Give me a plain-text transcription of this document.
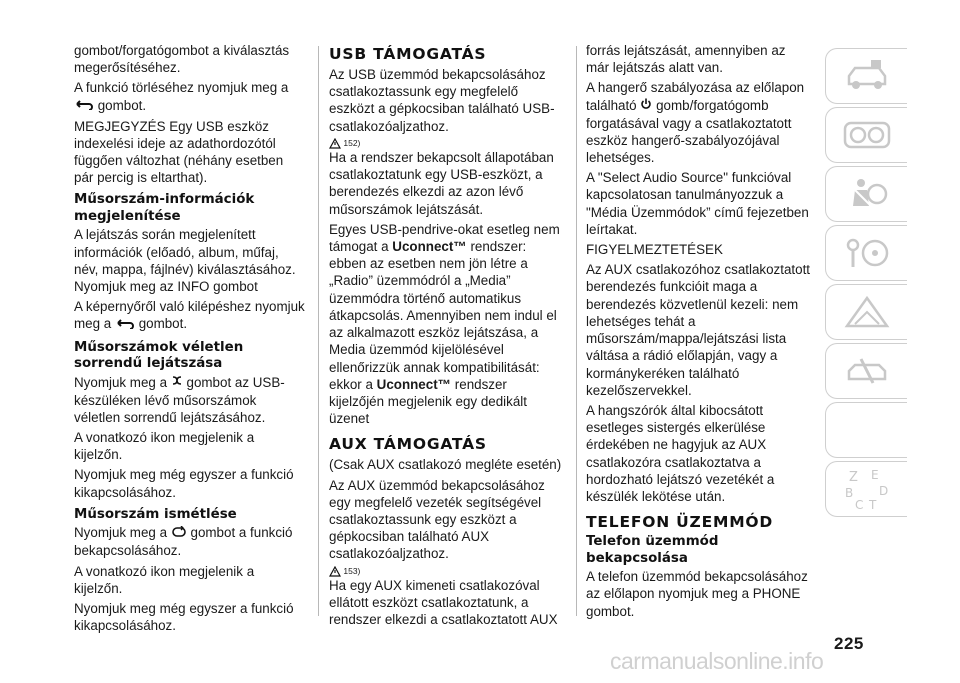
gombot/forgatógombot a kiválasztás megerősítéséhez.

A funkció törléséhez nyomjuk meg a
gombot.

MEGJEGYZÉS Egy USB eszköz indexelési ideje az adathordozótól függően változhat (néhány esetben pár percig is eltarthat).

Műsorszám-információk megjelenítése

A lejátszás során megjelenített információk (előadó, album, műfaj, név, mappa, fájlnév) kiválasztásához. Nyomjuk meg az INFO gombot

A képernyőről való kilépéshez nyomjuk meg a gombot.

Műsorszámok véletlen sorrendű lejátszása

Nyomjuk meg a gombot az USB-készüléken lévő műsorszámok véletlen sorrendű lejátszásához.

A vonatkozó ikon megjelenik a kijelzőn.

Nyomjuk meg még egyszer a funkció kikapcsolásához.

Műsorszám ismétlése

Nyomjuk meg a gombot a funkció bekapcsolásához.

A vonatkozó ikon megjelenik a kijelzőn.

Nyomjuk meg még egyszer a funkció kikapcsolásához.

USB TÁMOGATÁS

Az USB üzemmód bekapcsolásához csatlakoztassunk egy megfelelő eszközt a gépkocsiban található USB-csatlakozóaljzathoz.

152)

Ha a rendszer bekapcsolt állapotában csatlakoztatunk egy USB-eszközt, a berendezés elkezdi az azon lévő műsorszámok lejátszását.

Egyes USB-pendrive-okat esetleg nem támogat a Uconnect™ rendszer: ebben az esetben nem jön létre a „Radio” üzemmódról a „Media” üzemmódra történő automatikus átkapcsolás. Amennyiben nem indul el az alkalmazott eszköz lejátszása, a Media üzemmód kijelölésével ellenőrizzük annak kompatibilitását: ekkor a Uconnect™ rendszer kijelzőjén megjelenik egy dedikált üzenet

AUX TÁMOGATÁS

(Csak AUX csatlakozó megléte esetén)

Az AUX üzemmód bekapcsolásához egy megfelelő vezeték segítségével csatlakoztassunk egy eszközt a gépkocsiban található AUX csatlakozóaljzathoz.

153)

Ha egy AUX kimeneti csatlakozóval ellátott eszközt csatlakoztatunk, a rendszer elkezdi a csatlakoztatott AUX

forrás lejátszását, amennyiben az már lejátszás alatt van.

A hangerő szabályozása az előlapon található gomb/forgatógomb forgatásával vagy a csatlakoztatott eszköz hangerő-szabályozójával lehetséges.

A "Select Audio Source" funkcióval kapcsolatosan tanulmányozzuk a "Média Üzemmódok” című fejezetben leírtakat.

FIGYELMEZTETÉSEK

Az AUX csatlakozóhoz csatlakoztatott berendezés funkcióit maga a berendezés közvetlenül kezeli: nem lehetséges tehát a műsorszám/mappa/lejátszási lista váltása a rádió előlapján, vagy a kormánykeréken található kezelőszervekkel.

A hangszórók által kibocsátott esetleges sistergés elkerülése érdekében ne hagyjuk az AUX csatlakozóra csatlakoztatva a hordozható lejátszó vezetékét a készülék lekötése után.

TELEFON ÜZEMMÓD
Telefon üzemmód bekapcsolása

A telefon üzemmód bekapcsolásához az előlapon nyomjuk meg a PHONE gombot.

Z E
B D
C T
225
carmanualsonline.info
